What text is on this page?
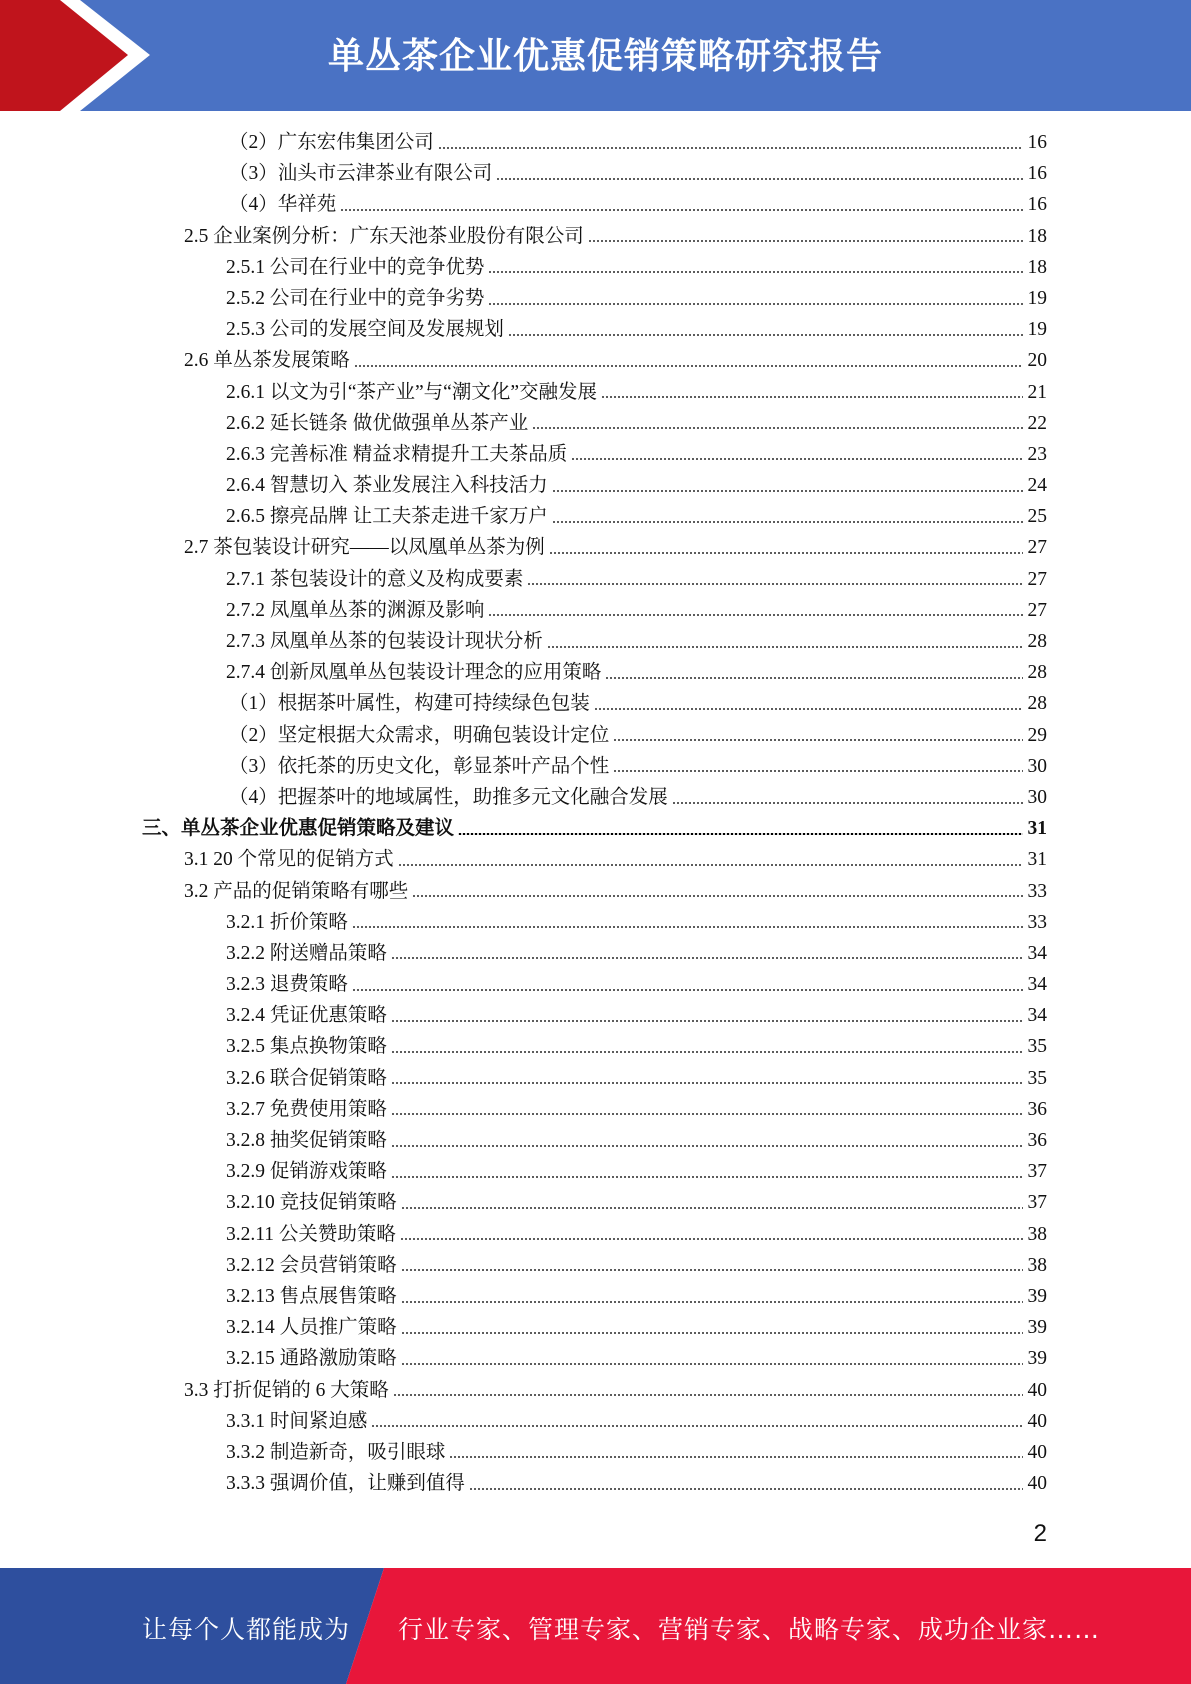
单丛茶企业优惠促销策略研究报告
（2）广东宏伟集团公司	16
（3）汕头市云津茶业有限公司	16
（4）华祥苑	16
2.5 企业案例分析：广东天池茶业股份有限公司	18
2.5.1 公司在行业中的竞争优势	18
2.5.2 公司在行业中的竞争劣势	19
2.5.3 公司的发展空间及发展规划	19
2.6 单丛茶发展策略	20
2.6.1 以文为引“茶产业”与“潮文化”交融发展	21
2.6.2 延长链条 做优做强单丛茶产业	22
2.6.3 完善标准 精益求精提升工夫茶品质	23
2.6.4 智慧切入 茶业发展注入科技活力	24
2.6.5 擦亮品牌 让工夫茶走进千家万户	25
2.7 茶包装设计研究——以凤凰单丛茶为例	27
2.7.1 茶包装设计的意义及构成要素	27
2.7.2 凤凰单丛茶的渊源及影响	27
2.7.3 凤凰单丛茶的包装设计现状分析	28
2.7.4 创新凤凰单丛包装设计理念的应用策略	28
（1）根据茶叶属性，构建可持续绿色包装	28
（2）坚定根据大众需求，明确包装设计定位	29
（3）依托茶的历史文化，彰显茶叶产品个性	30
（4）把握茶叶的地域属性，助推多元文化融合发展	30
三、单丛茶企业优惠促销策略及建议	31
3.1 20 个常见的促销方式	31
3.2 产品的促销策略有哪些	33
3.2.1 折价策略	33
3.2.2 附送赠品策略	34
3.2.3 退费策略	34
3.2.4 凭证优惠策略	34
3.2.5 集点换物策略	35
3.2.6 联合促销策略	35
3.2.7 免费使用策略	36
3.2.8 抽奖促销策略	36
3.2.9 促销游戏策略	37
3.2.10 竞技促销策略	37
3.2.11 公关赞助策略	38
3.2.12 会员营销策略	38
3.2.13 售点展售策略	39
3.2.14 人员推广策略	39
3.2.15 通路激励策略	39
3.3 打折促销的 6 大策略	40
3.3.1 时间紧迫感	40
3.3.2 制造新奇，吸引眼球	40
3.3.3 强调价值，让赚到值得	40
2
让每个人都能成为 行业专家、管理专家、营销专家、战略专家、成功企业家……
